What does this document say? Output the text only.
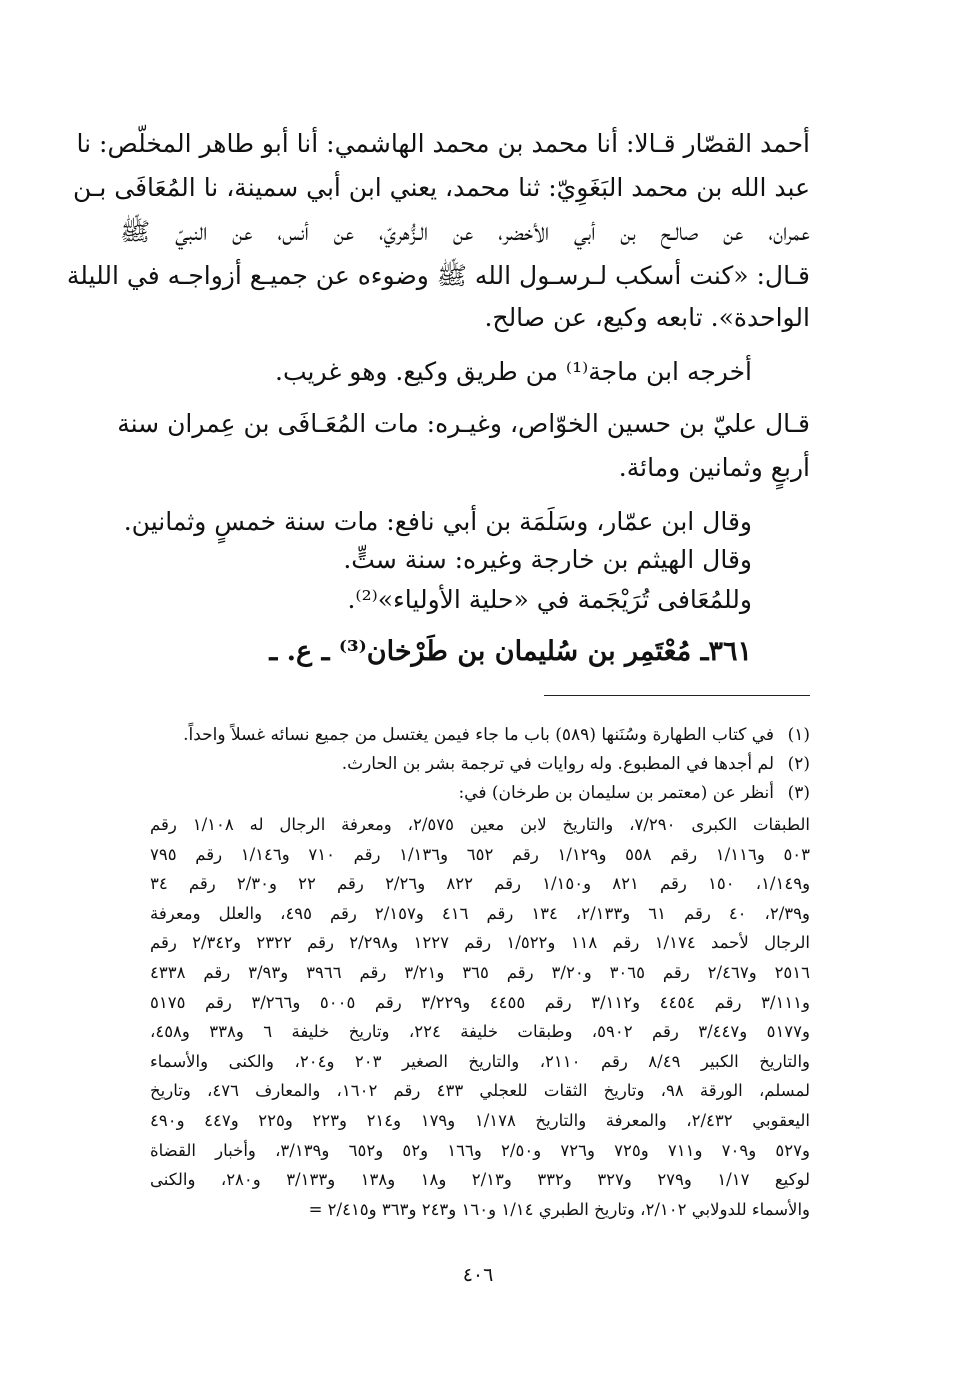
أحمد القصّار قـالا: أنا محمد بن محمد الهاشمي: أنا أبو طاهر المخلّص: نا
عبد الله بن محمد البَغَوِيّ: ثنا محمد، يعني ابن أبي سمينة، نا المُعَافَى بـن
عمران، عن صالـح بن أبي الأخضر، عن الـزُّهريّ، عن أنس، عن النبيّ ﷺ
قـال: «كنت أسكب لـرسـول الله ﷺ وضوءه عن جميـع أزواجـه في الليلة
الواحدة». تابعه وكيع، عن صالح.
أخرجه ابن ماجة⁽¹⁾ من طريق وكيع. وهو غريب.
قـال عليّ بن حسين الخوّاص، وغيـره: مات المُعَـافَى بن عِمران سنة
أربعٍ وثمانين ومائة.
وقال ابن عمّار، وسَلَمَة بن أبي نافع: مات سنة خمسٍ وثمانين.
وقال الهيثم بن خارجة وغيره: سنة ستٍّ.
وللمُعَافى تُرَيْجَمة في «حلية الأولياء»⁽²⁾.
٣٦١ـ مُعْتَمِر بن سُليمان بن طَرْخان⁽³⁾ ـ ع. ـ
(١)في كتاب الطهارة وسُنَنها (٥٨٩) باب ما جاء فيمن يغتسل من جميع نسائه غسلاً واحداً.
(٢)لم أجدها في المطبوع. وله روايات في ترجمة بشر بن الحارث.
(٣)أنظر عن (معتمر بن سليمان بن طرخان) في:
الطبقات الكبرى ٧/٢٩٠، والتاريخ لابن معين ٢/٥٧٥، ومعرفة الرجال له ١/١٠٨ رقم
٥٠٣ و١/١١٦ رقم ٥٥٨ و١/١٢٩ رقم ٦٥٢ و١/١٣٦ رقم ٧١٠ و١/١٤٦ رقم ٧٩٥
و١/١٤٩، ١٥٠ رقم ٨٢١ و١/١٥٠ رقم ٨٢٢ و٢/٢٦ رقم ٢٢ و٢/٣٠ رقم ٣٤
و٢/٣٩، ٤٠ رقم ٦١ و٢/١٣٣، ١٣٤ رقم ٤١٦ و٢/١٥٧ رقم ٤٩٥، والعلل ومعرفة
الرجال لأحمد ١/١٧٤ رقم ١١٨ و١/٥٢٢ رقم ١٢٢٧ و٢/٢٩٨ رقم ٢٣٢٢ و٢/٣٤٢ رقم
٢٥١٦ و٢/٤٦٧ رقم ٣٠٦٥ و٣/٢٠ رقم ٣٦٥ و٣/٢١ رقم ٣٩٦٦ و٣/٩٣ رقم ٤٣٣٨
و٣/١١١ رقم ٤٤٥٤ و٣/١١٢ رقم ٤٤٥٥ و٣/٢٢٩ رقم ٥٠٠٥ و٣/٢٦٦ رقم ٥١٧٥
و٥١٧٧ و٣/٤٤٧ رقم ٥٩٠٢، وطبقات خليفة ٢٢٤، وتاريخ خليفة ٦ و٣٣٨ و٤٥٨،
والتاريخ الكبير ٨/٤٩ رقم ٢١١٠، والتاريخ الصغير ٢٠٣ و٢٠٤، والكنى والأسماء
لمسلم، الورقة ٩٨، وتاريخ الثقات للعجلي ٤٣٣ رقم ١٦٠٢، والمعارف ٤٧٦، وتاريخ
اليعقوبي ٢/٤٣٢، والمعرفة والتاريخ ١/١٧٨ و١٧٩ و٢١٤ و٢٢٣ و٢٢٥ و٤٤٧ و٤٩٠
و٥٢٧ و٧٠٩ و٧١١ و٧٢٥ و٧٢٦ و٢/٥٠ و١٦٦ و٥٢ و٦٥٢ و٣/١٣٩، وأخبار القضاة
لوكيع ١/١٧ و٢٧٩ و٣٢٧ و٣٣٢ و٢/١٣ و١٨ و١٣٨ و٣/١٣٣ و٢٨٠، والكنى
والأسماء للدولابي ٢/١٠٢، وتاريخ الطبري ١/١٤ و١٦٠ و٢٤٣ و٣٦٣ و٢/٤١٥ =
٤٠٦
